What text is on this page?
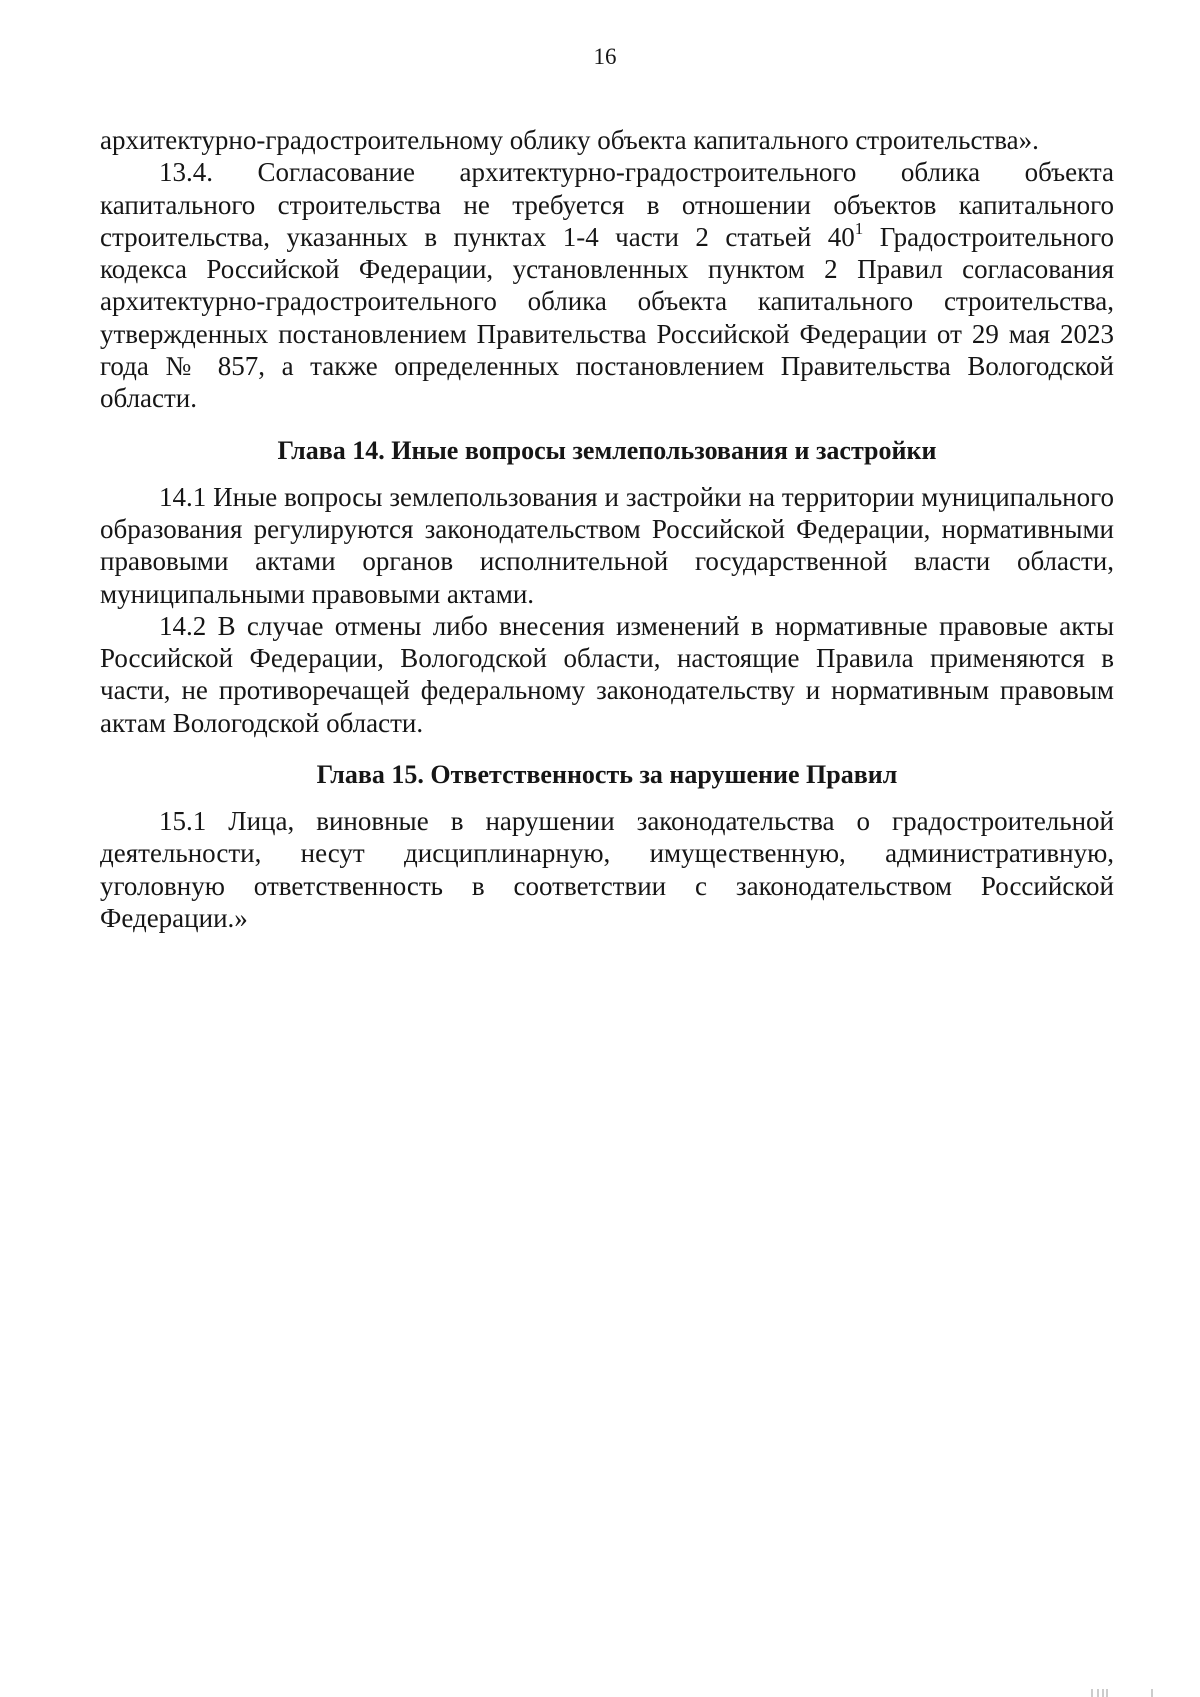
16

архитектурно-градостроительному облику объекта капитального строительства».

13.4. Согласование архитектурно-градостроительного облика объекта капитального строительства не требуется в отношении объектов капитального строительства, указанных в пунктах 1-4 части 2 статьей $40^1$ Градостроительного кодекса Российской Федерации, установленных пунктом 2 Правил согласования архитектурно-градостроительного облика объекта капитального строительства, утвержденных постановлением Правительства Российской Федерации от 29 мая 2023 года № 857, а также определенных постановлением Правительства Вологодской области.

Глава 14. Иные вопросы землепользования и застройки

14.1 Иные вопросы землепользования и застройки на территории муниципального образования регулируются законодательством Российской Федерации, нормативными правовыми актами органов исполнительной государственной власти области, муниципальными правовыми актами.

14.2 В случае отмены либо внесения изменений в нормативные правовые акты Российской Федерации, Вологодской области, настоящие Правила применяются в части, не противоречащей федеральному законодательству и нормативным правовым актам Вологодской области.

Глава 15. Ответственность за нарушение Правил

15.1 Лица, виновные в нарушении законодательства о градостроительной деятельности, несут дисциплинарную, имущественную, административную, уголовную ответственность в соответствии с законодательством Российской Федерации.»
